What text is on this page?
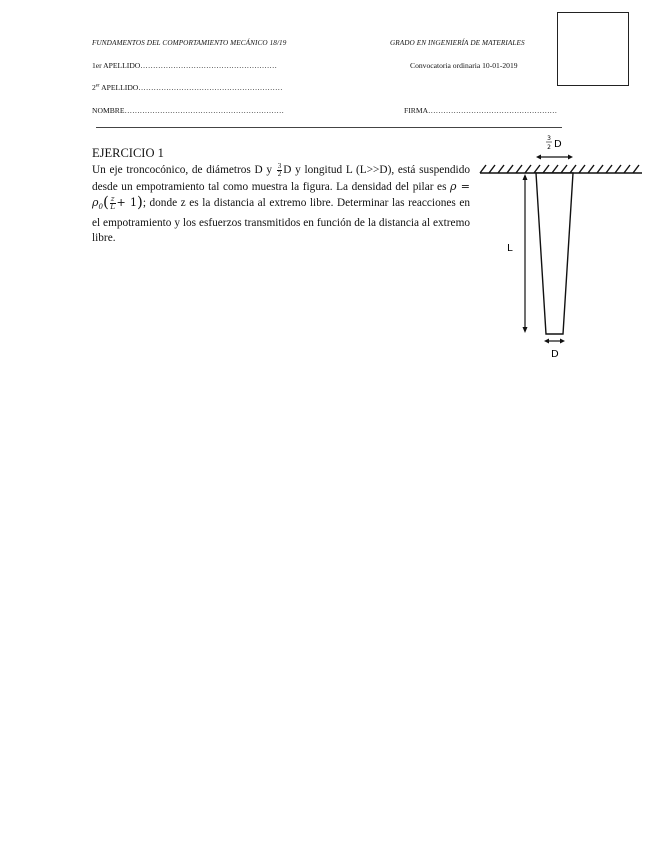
FUNDAMENTOS DEL COMPORTAMIENTO MECÁNICO 18/19	GRADO EN INGENIERÍA DE MATERIALES
1er APELLIDO………………………………………………	Convocatoria ordinaria 10-01-2019
2er APELLIDO…………………………………………………
NOMBRE………………………………………………………	FIRMA……………………………………………
EJERCICIO 1

Un eje troncocónico, de diámetros D y $\frac{3}{2}$ D y longitud L (L>>D), está suspendido desde un empotramiento tal como muestra la figura. La densidad del pilar es $\rho = \rho_0( \frac{z}{L} + 1)$; donde z es la distancia al extremo libre. Determinar las reacciones en el empotramiento y los esfuerzos transmitidos en función de la distancia al extremo libre.

3
2 D
L
D
